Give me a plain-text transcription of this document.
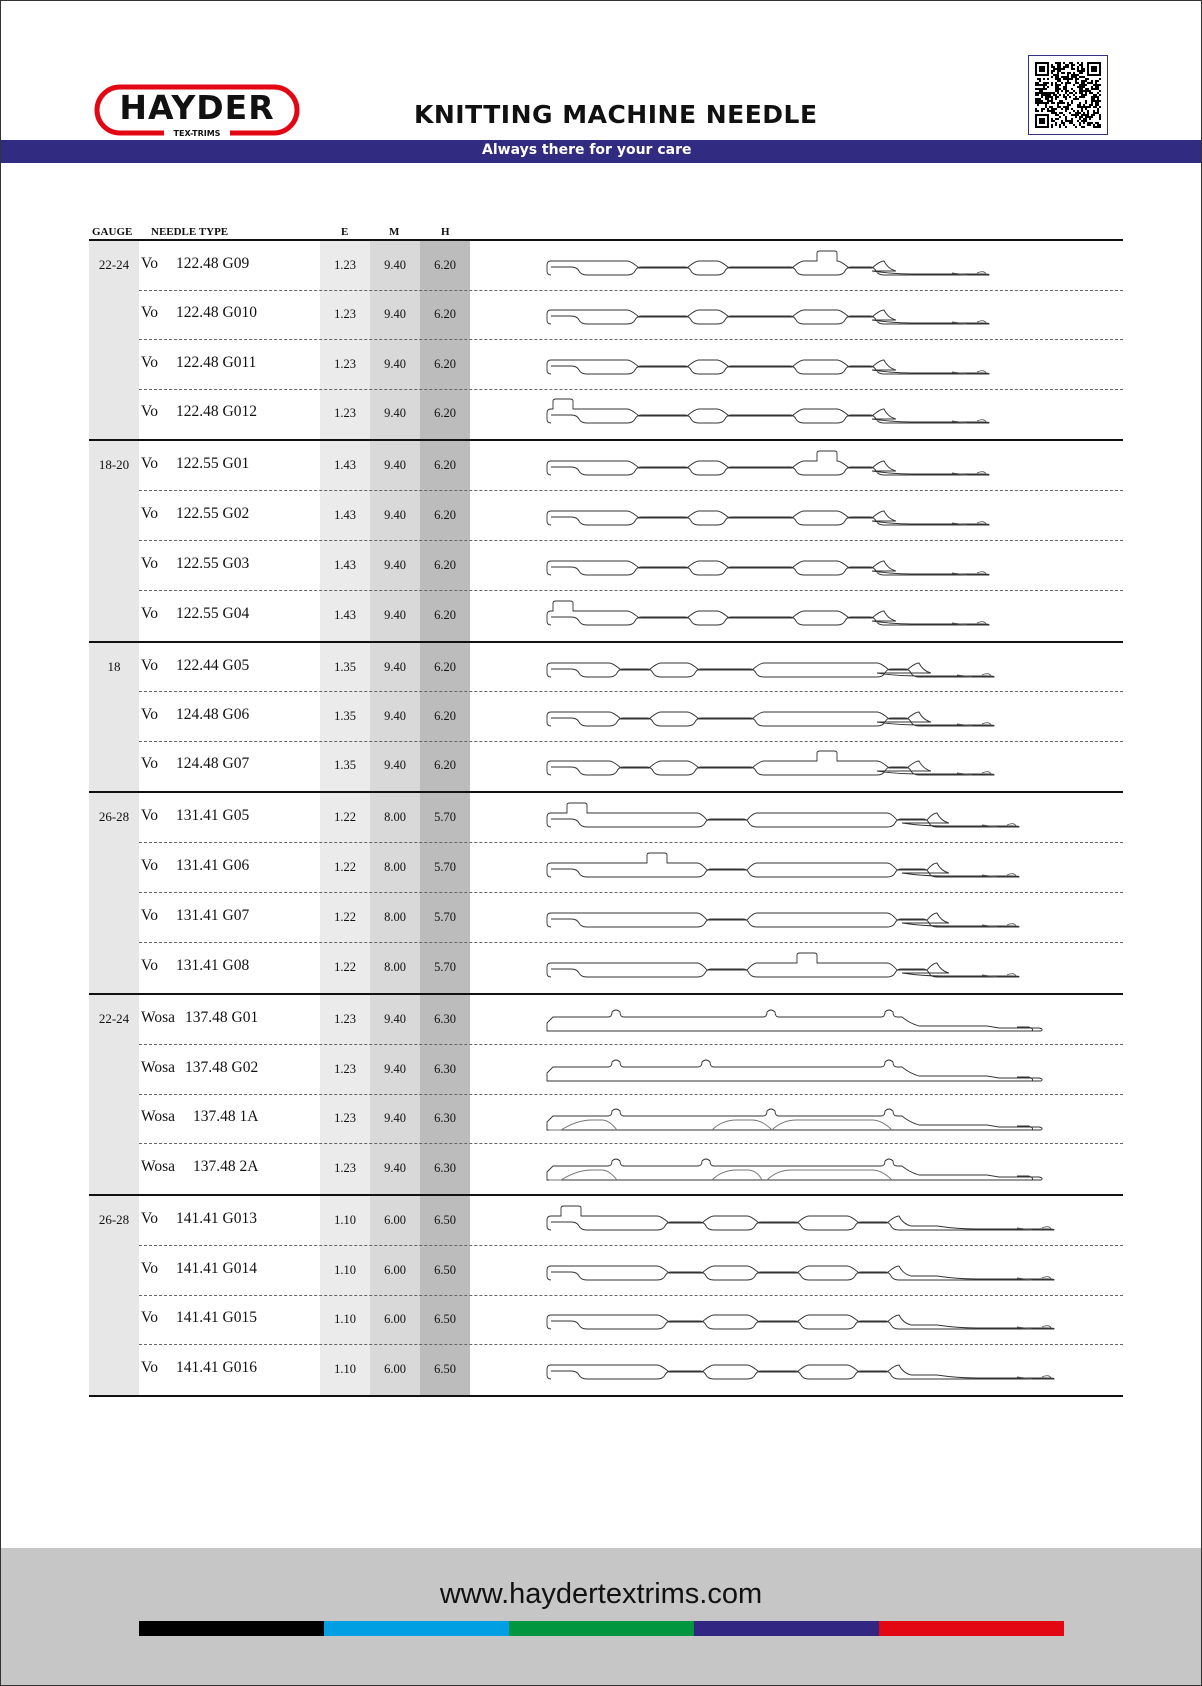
HAYDER
TEX-TRIMS
KNITTING MACHINE NEEDLE
Always there for your care
GAUGE NEEDLE TYPE	E	M	H
22-24 Vo 122.48 G09	1.23	9.40	6.20
Vo 122.48 G010	1.23	9.40	6.20
Vo 122.48 G011	1.23	9.40	6.20
Vo 122.48 G012	1.23	9.40	6.20
18-20 Vo 122.55 G01	1.43	9.40	6.20
Vo 122.55 G02	1.43	9.40	6.20
Vo 122.55 G03	1.43	9.40	6.20
Vo 122.55 G04	1.43	9.40	6.20
18	Vo 122.44 G05	1.35	9.40	6.20
Vo 124.48 G06	1.35	9.40	6.20
Vo 124.48 G07	1.35	9.40	6.20
26-28 Vo 131.41 G05	1.22	8.00	5.70
Vo 131.41 G06	1.22	8.00	5.70
Vo 131.41 G07	1.22	8.00	5.70
Vo 131.41 G08	1.22	8.00	5.70
22-24 Wosa 137.48 G01	1.23	9.40	6.30
Wosa 137.48 G02	1.23	9.40	6.30
Wosa 137.48 1A	1.23	9.40	6.30
Wosa 137.48 2A	1.23	9.40	6.30
26-28 Vo 141.41 G013	1.10	6.00	6.50
Vo 141.41 G014	1.10	6.00	6.50
Vo 141.41 G015	1.10	6.00	6.50
Vo 141.41 G016	1.10	6.00	6.50
www.haydertextrims.com
